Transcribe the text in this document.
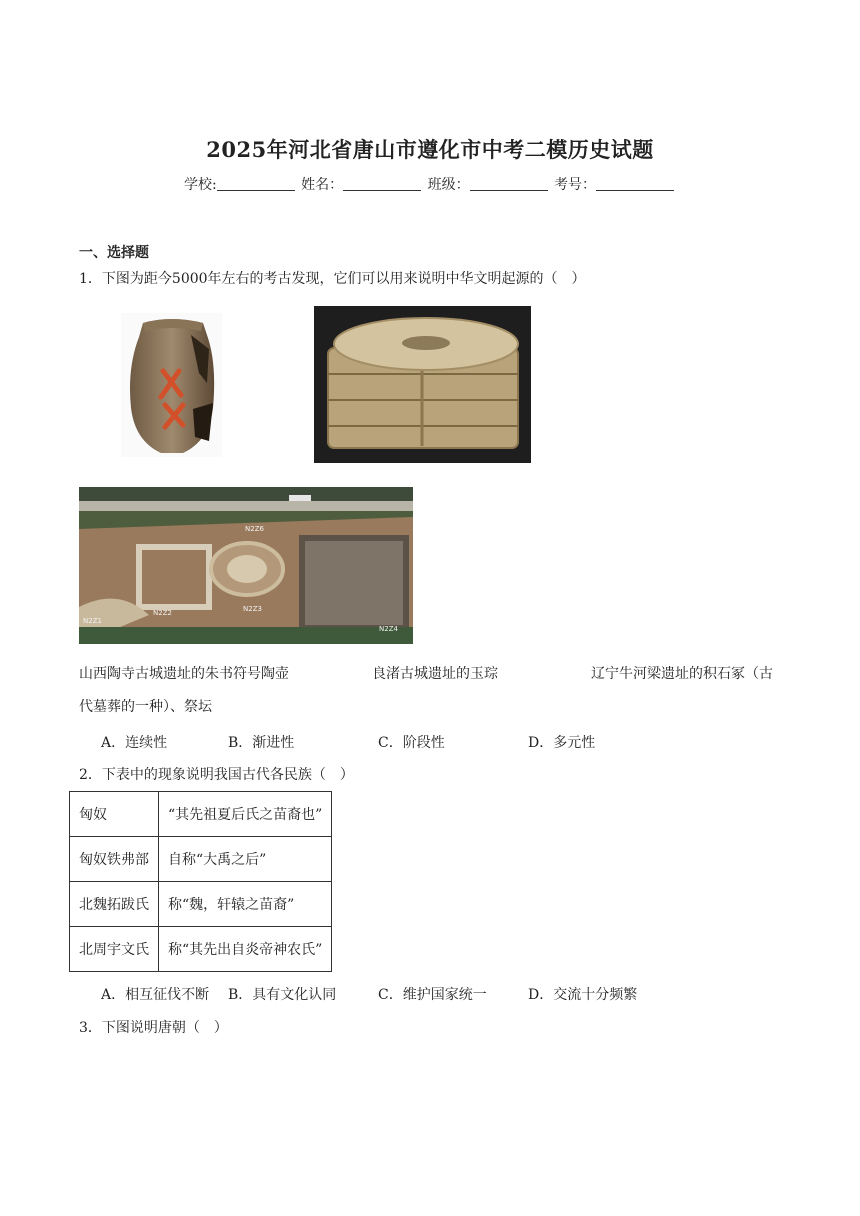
2025年河北省唐山市遵化市中考二模历史试题
学校:	姓名：	班级：	考号：
一、选择题
1．下图为距今5000年左右的考古发现，它们可以用来说明中华文明起源的（　）
N2Z6
N2Z1
N2Z2	N2Z3
N2Z4
山西陶寺古城遗址的朱书符号陶壶	良渚古城遗址的玉琮	辽宁牛河梁遗址的积石冢（古
代墓葬的一种）、祭坛
A．连续性	B．渐进性	C．阶段性	D．多元性
2．下表中的现象说明我国古代各民族（　）
匈奴	“其先祖夏后氏之苗裔也”
匈奴铁弗部	自称“大禹之后”
北魏拓跋氏	称“魏，轩辕之苗裔”
北周宇文氏	称“其先出自炎帝神农氏”
A．相互征伐不断 B．具有文化认同	C．维护国家统一	D．交流十分频繁
3．下图说明唐朝（　）
